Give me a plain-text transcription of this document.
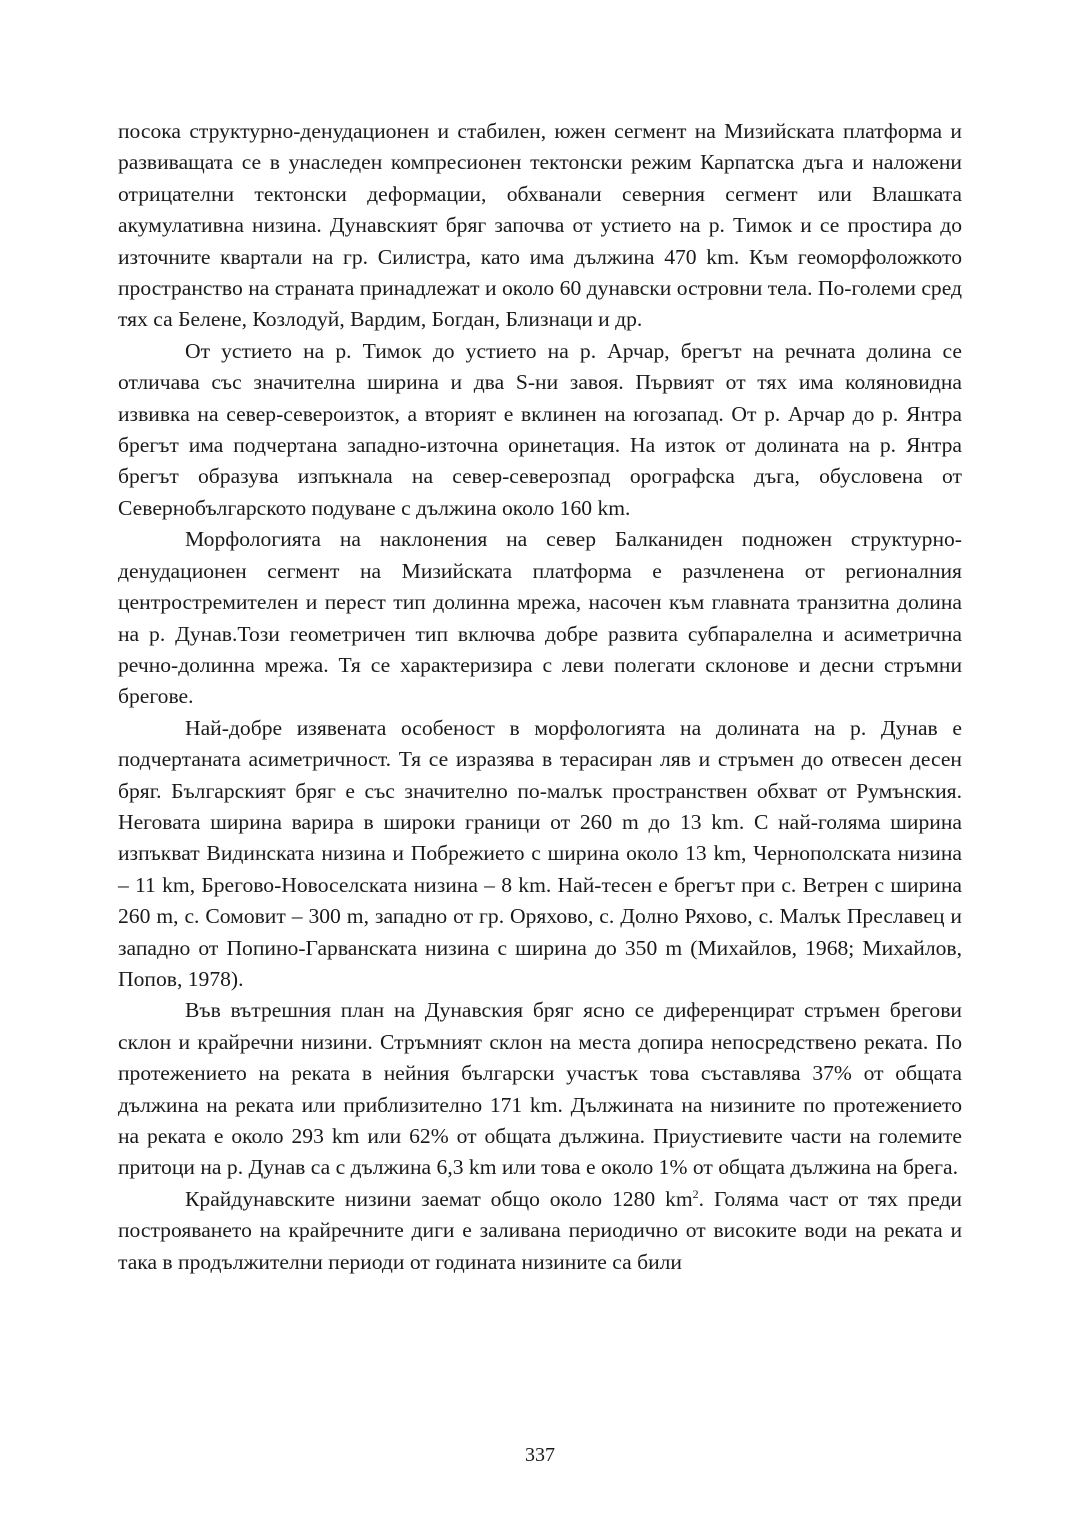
посока структурно-денудационен и стабилен, южен сегмент на Мизийската платформа и развиващата се в унаследен компресионен тектонски режим Карпатска дъга и наложени отрицателни тектонски деформации, обхванали северния сегмент или Влашката акумулативна низина. Дунавският бряг започва от устието на р. Тимок и се простира до източните квартали на гр. Силистра, като има дължина 470 km. Към геоморфоложкото пространство на страната принадлежат и около 60 дунавски островни тела. По-големи сред тях са Белене, Козлодуй, Вардим, Богдан, Близнаци и др.

От устието на р. Тимок до устието на р. Арчар, брегът на речната долина се отличава със значителна ширина и два S-ни завоя. Първият от тях има коляновидна извивка на север-североизток, а вторият е вклинен на югозапад. От р. Арчар до р. Янтра брегът има подчертана западно-източна оринетация. На изток от долината на р. Янтра брегът образува изпъкнала на север-северозпад орографска дъга, обусловена от Севернобългарското подуване с дължина около 160 km.

Морфологията на наклонения на север Балканиден подножен структурно-денудационен сегмент на Мизийската платформа е разчленена от регионалния центростремителен и перест тип долинна мрежа, насочен към главната транзитна долина на р. Дунав.Този геометричен тип включва добре развита субпаралелна и асиметрична речно-долинна мрежа. Тя се характеризира с леви полегати склонове и десни стръмни брегове.

Най-добре изявената особеност в морфологията на долината на р. Дунав е подчертаната асиметричност. Тя се изразява в терасиран ляв и стръмен до отвесен десен бряг. Българският бряг е със значително по-малък пространствен обхват от Румънския. Неговата ширина варира в широки граници от 260 m до 13 km. С най-голяма ширина изпъкват Видинската низина и Побрежието с ширина около 13 km, Чернополската низина – 11 km, Брегово-Новоселската низина – 8 km. Най-тесен е брегът при с. Ветрен с ширина 260 m, с. Сомовит – 300 m, западно от гр. Оряхово, с. Долно Ряхово, с. Малък Преславец и западно от Попино-Гарванската низина с ширина до 350 m (Михайлов, 1968; Михайлов, Попов, 1978).

Във вътрешния план на Дунавския бряг ясно се диференцират стръмен брегови склон и крайречни низини. Стръмният склон на места допира непосредствено реката. По протежението на реката в нейния български участък това съставлява 37% от общата дължина на реката или приблизително 171 km. Дължината на низините по протежението на реката е около 293 km или 62% от общата дължина. Приустиевите части на големите притоци на р. Дунав са с дължина 6,3 km или това е около 1% от общата дължина на брега.

Крайдунавските низини заемат общо около 1280 $km^2$. Голяма част от тях преди построяването на крайречните диги е заливана периодично от високите води на реката и така в продължителни периоди от годината низините са били

337
